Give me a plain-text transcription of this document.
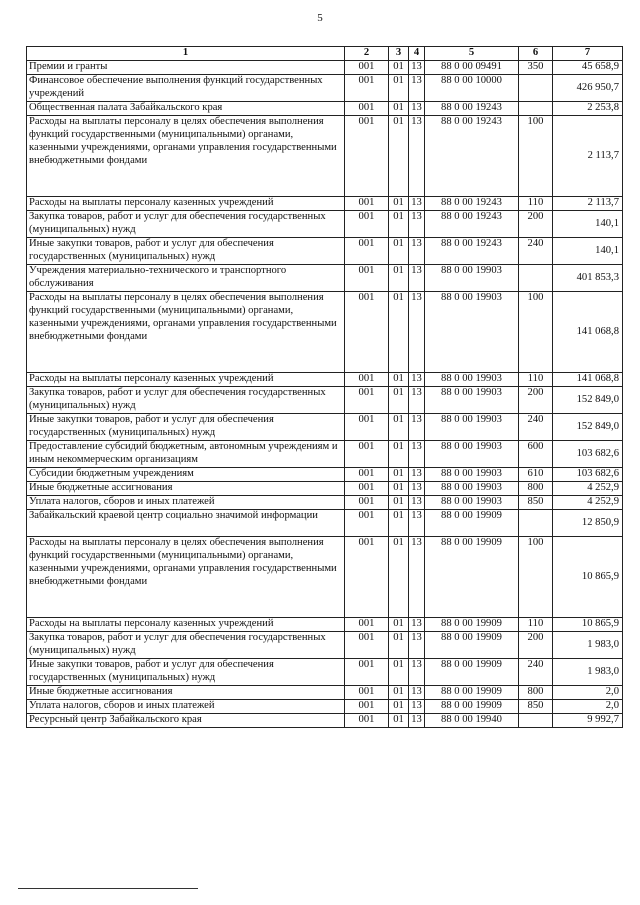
5
1	2	3	4	5	6	7
Премии и гранты	001	01	13	88 0 00 09491	350	45 658,9
Финансовое обеспечение выполнения функций государственных учреждений	001	01	13	88 0 00 10000		426 950,7
Общественная палата Забайкальского края	001	01	13	88 0 00 19243		2 253,8
Расходы на выплаты персоналу в целях обеспечения выполнения функций государственными (муниципальными) органами, казенными учреждениями, органами управления государственными внебюджетными фондами	001	01	13	88 0 00 19243	100	2 113,7
Расходы на выплаты персоналу казенных учреждений	001	01	13	88 0 00 19243	110	2 113,7
Закупка товаров, работ и услуг для обеспечения государственных (муниципальных) нужд	001	01	13	88 0 00 19243	200	140,1
Иные закупки товаров, работ и услуг для обеспечения государственных (муниципальных) нужд	001	01	13	88 0 00 19243	240	140,1
Учреждения материально-технического и транспортного обслуживания	001	01	13	88 0 00 19903		401 853,3
Расходы на выплаты персоналу в целях обеспечения выполнения функций государственными (муниципальными) органами, казенными учреждениями, органами управления государственными внебюджетными фондами	001	01	13	88 0 00 19903	100	141 068,8
Расходы на выплаты персоналу казенных учреждений	001	01	13	88 0 00 19903	110	141 068,8
Закупка товаров, работ и услуг для обеспечения государственных (муниципальных) нужд	001	01	13	88 0 00 19903	200	152 849,0
Иные закупки товаров, работ и услуг для обеспечения государственных (муниципальных) нужд	001	01	13	88 0 00 19903	240	152 849,0
Предоставление субсидий бюджетным, автономным учреждениям и иным некоммерческим организациям	001	01	13	88 0 00 19903	600	103 682,6
Субсидии бюджетным учреждениям	001	01	13	88 0 00 19903	610	103 682,6
Иные бюджетные ассигнования	001	01	13	88 0 00 19903	800	4 252,9
Уплата налогов, сборов и иных платежей	001	01	13	88 0 00 19903	850	4 252,9
Забайкальский краевой центр социально значимой информации	001	01	13	88 0 00 19909		12 850,9
Расходы на выплаты персоналу в целях обеспечения выполнения функций государственными (муниципальными) органами, казенными учреждениями, органами управления государственными внебюджетными фондами	001	01	13	88 0 00 19909	100	10 865,9
Расходы на выплаты персоналу казенных учреждений	001	01	13	88 0 00 19909	110	10 865,9
Закупка товаров, работ и услуг для обеспечения государственных (муниципальных) нужд	001	01	13	88 0 00 19909	200	1 983,0
Иные закупки товаров, работ и услуг для обеспечения государственных (муниципальных) нужд	001	01	13	88 0 00 19909	240	1 983,0
Иные бюджетные ассигнования	001	01	13	88 0 00 19909	800	2,0
Уплата налогов, сборов и иных платежей	001	01	13	88 0 00 19909	850	2,0
Ресурсный центр Забайкальского края	001	01	13	88 0 00 19940		9 992,7
